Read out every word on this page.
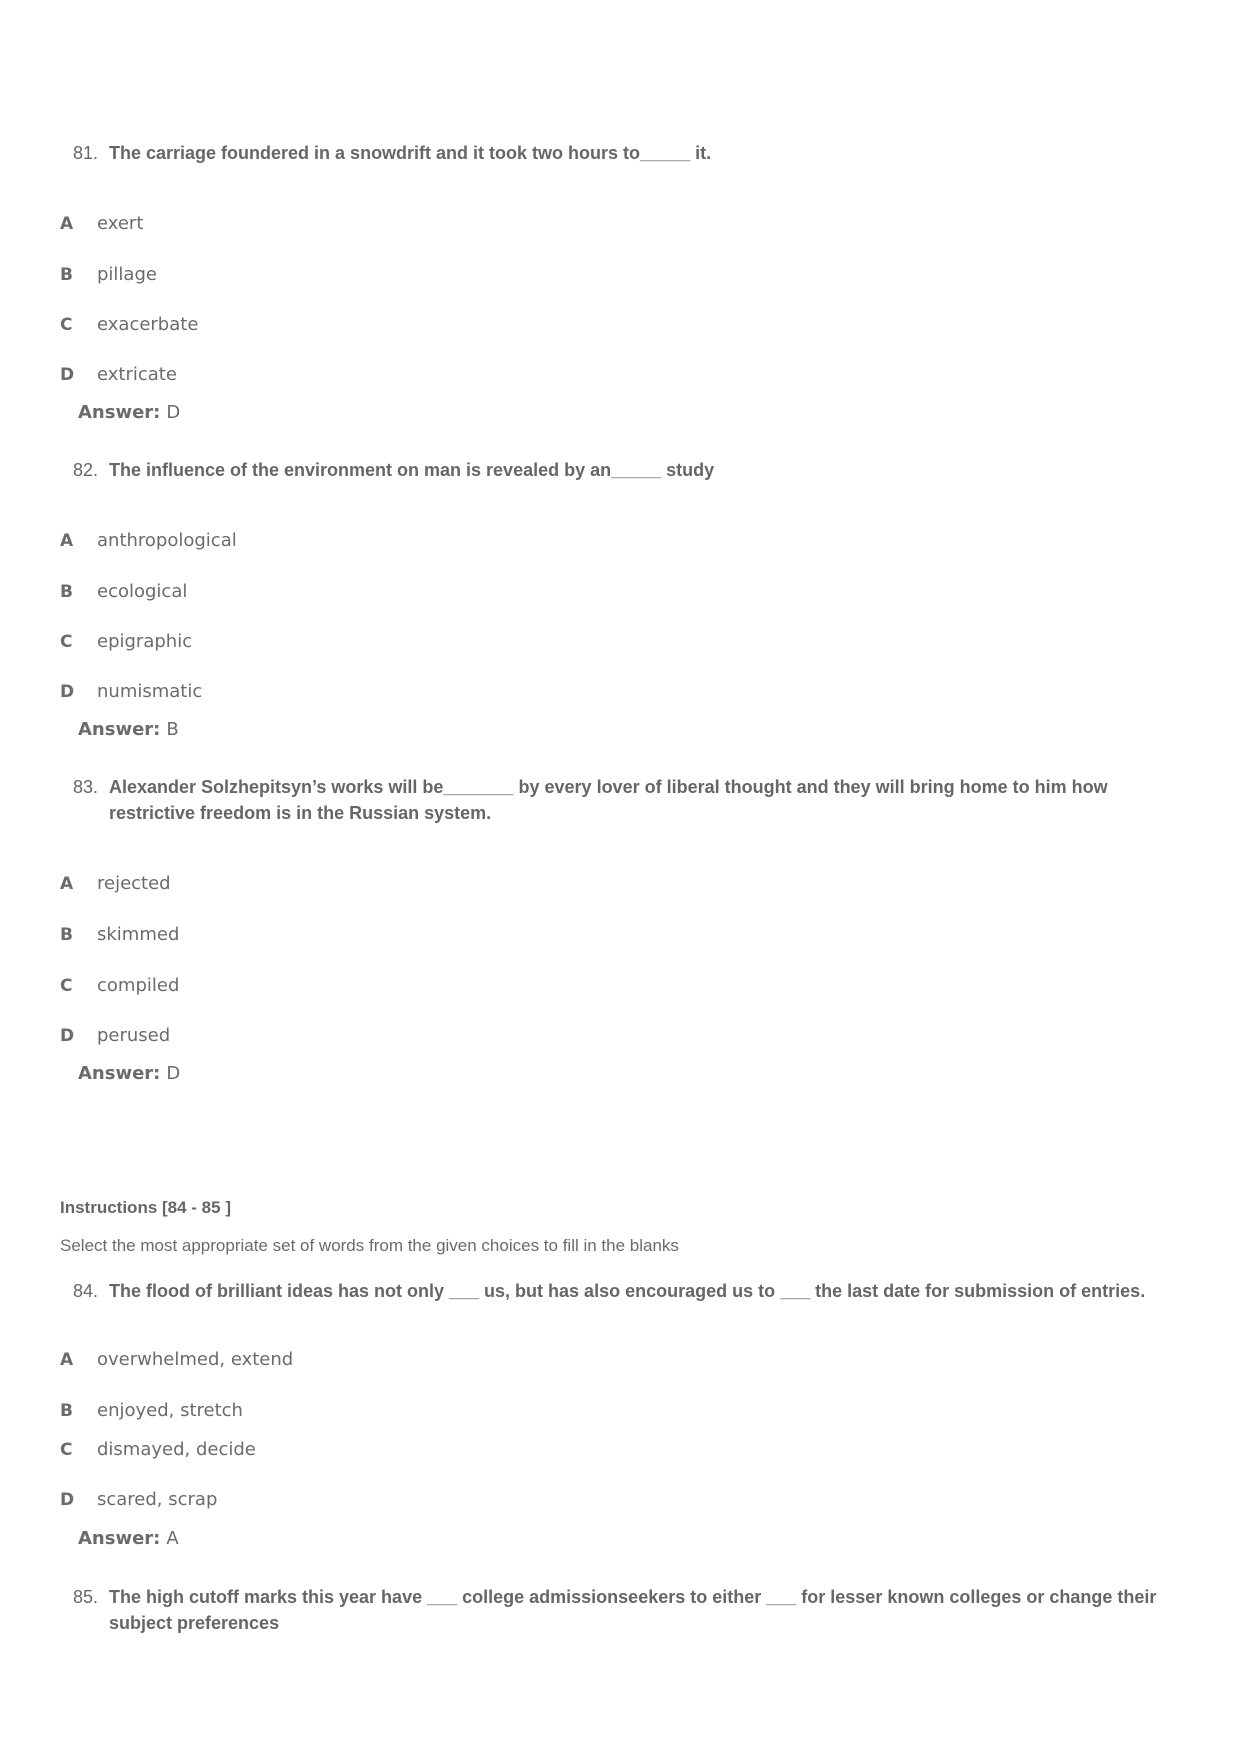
81. The carriage foundered in a snowdrift and it took two hours to_____ it.
A exert
B pillage
C exacerbate
D extricate
Answer: D
82. The influence of the environment on man is revealed by an_____ study
A anthropological
B ecological
C epigraphic
D numismatic
Answer: B
83. Alexander Solzhepitsyn’s works will be_______ by every lover of liberal thought and they will bring home to him how restrictive freedom is in the Russian system.
A rejected
B skimmed
C compiled
D perused
Answer: D
Instructions [84 - 85 ]
Select the most appropriate set of words from the given choices to fill in the blanks
84. The flood of brilliant ideas has not only ___ us, but has also encouraged us to ___ the last date for submission of entries.
A overwhelmed, extend
B enjoyed, stretch
C dismayed, decide
D scared, scrap
Answer: A
85. The high cutoff marks this year have ___ college admissionseekers to either ___ for lesser known colleges or change their subject preferences
